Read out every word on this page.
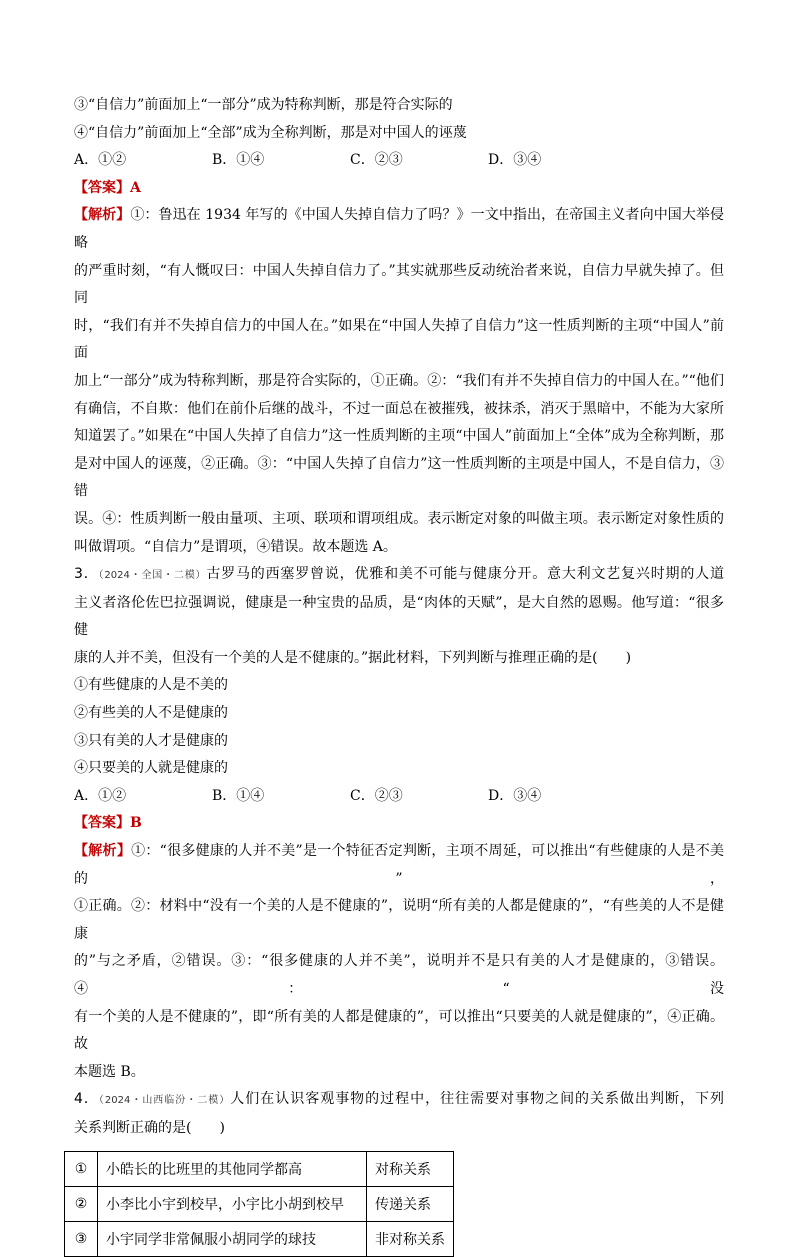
③“自信力”前面加上“一部分”成为特称判断，那是符合实际的
④“自信力”前面加上“全部”成为全称判断，那是对中国人的诬蔑
A．①②	B．①④	C．②③	D．③④
【答案】A
【解析】①：鲁迅在 1934 年写的《中国人失掉自信力了吗？》一文中指出，在帝国主义者向中国大举侵略
的严重时刻，“有人慨叹曰：中国人失掉自信力了。”其实就那些反动统治者来说，自信力早就失掉了。但同
时，“我们有并不失掉自信力的中国人在。”如果在“中国人失掉了自信力”这一性质判断的主项“中国人”前面
加上“一部分”成为特称判断，那是符合实际的，①正确。②：“我们有并不失掉自信力的中国人在。”“他们
有确信，不自欺：他们在前仆后继的战斗，不过一面总在被摧残，被抹杀，消灭于黑暗中，不能为大家所
知道罢了。”如果在“中国人失掉了自信力”这一性质判断的主项“中国人”前面加上“全体”成为全称判断，那
是对中国人的诬蔑，②正确。③：“中国人失掉了自信力”这一性质判断的主项是中国人，不是自信力，③错
误。④：性质判断一般由量项、主项、联项和谓项组成。表示断定对象的叫做主项。表示断定对象性质的
叫做谓项。“自信力”是谓项，④错误。故本题选 A。
3．（2024・全国・二模）古罗马的西塞罗曾说，优雅和美不可能与健康分开。意大利文艺复兴时期的人道
主义者洛伦佐巴拉强调说，健康是一种宝贵的品质，是“肉体的天赋”，是大自然的恩赐。他写道：“很多健
康的人并不美，但没有一个美的人是不健康的。”据此材料，下列判断与推理正确的是(　　)
①有些健康的人是不美的
②有些美的人不是健康的
③只有美的人才是健康的
④只要美的人就是健康的
A．①②	B．①④	C．②③	D．③④
【答案】B
【解析】①：“很多健康的人并不美”是一个特征否定判断，主项不周延，可以推出“有些健康的人是不美的”，
①正确。②：材料中“没有一个美的人是不健康的”，说明“所有美的人都是健康的”，“有些美的人不是健康
的”与之矛盾，②错误。③：“很多健康的人并不美”，说明并不是只有美的人才是健康的，③错误。 ④：“没
有一个美的人是不健康的”，即“所有美的人都是健康的”，可以推出“只要美的人就是健康的”，④正确。故
本题选 B。
4．（2024・山西临汾・二模）人们在认识客观事物的过程中，往往需要对事物之间的关系做出判断，下列
关系判断正确的是(　　)
①	小皓长的比班里的其他同学都高	对称关系
②	小李比小宇到校早，小宇比小胡到校早	传递关系
③	小宇同学非常佩服小胡同学的球技	非对称关系
